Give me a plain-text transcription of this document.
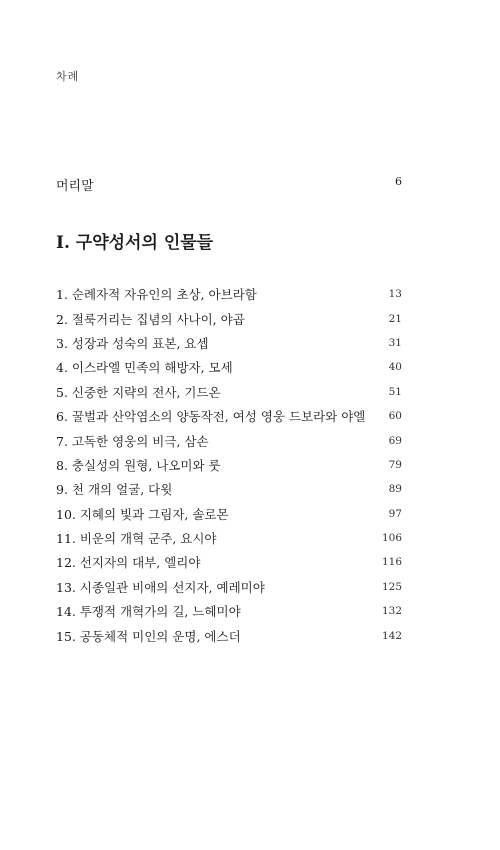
차례
머리말	6
I. 구약성서의 인물들
1. 순례자적 자유인의 초상, 아브라함	13
2. 절룩거리는 집념의 사나이, 야곱	21
3. 성장과 성숙의 표본, 요셉	31
4. 이스라엘 민족의 해방자, 모세	40
5. 신중한 지략의 전사, 기드온	51
6. 꿀벌과 산악염소의 양동작전, 여성 영웅 드보라와 야엘 60
7. 고독한 영웅의 비극, 삼손	69
8. 충실성의 원형, 나오미와 룻	79
9. 천 개의 얼굴, 다윗	89
10. 지혜의 빛과 그림자, 솔로몬	97
11. 비운의 개혁 군주, 요시야	106
12. 선지자의 대부, 엘리야	116
13. 시종일관 비애의 선지자, 예레미야	125
14. 투쟁적 개혁가의 길, 느헤미야	132
15. 공동체적 미인의 운명, 에스더	142
